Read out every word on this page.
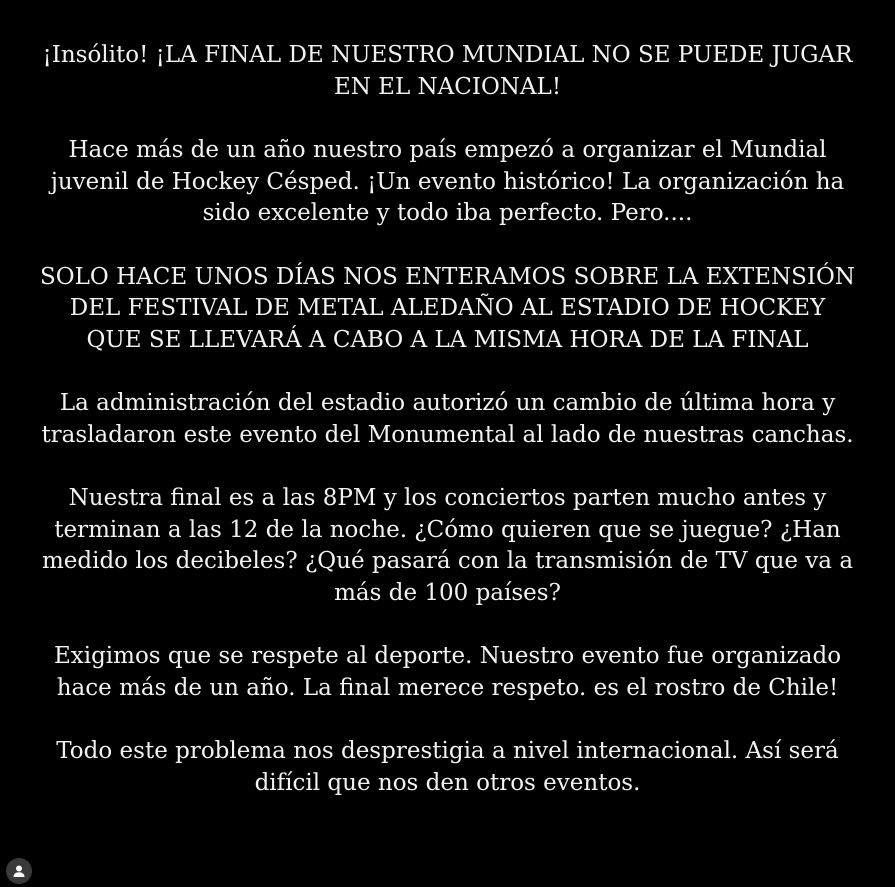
¡Insólito! ¡LA FINAL DE NUESTRO MUNDIAL NO SE PUEDE JUGAR EN EL NACIONAL!

Hace más de un año nuestro país empezó a organizar el Mundial juvenil de Hockey Césped. ¡Un evento histórico! La organización ha sido excelente y todo iba perfecto. Pero....

SOLO HACE UNOS DÍAS NOS ENTERAMOS SOBRE LA EXTENSIÓN DEL FESTIVAL DE METAL ALEDAÑO AL ESTADIO DE HOCKEY QUE SE LLEVARÁ A CABO A LA MISMA HORA DE LA FINAL

La administración del estadio autorizó un cambio de última hora y trasladaron este evento del Monumental al lado de nuestras canchas.

Nuestra final es a las 8PM y los conciertos parten mucho antes y terminan a las 12 de la noche. ¿Cómo quieren que se juegue? ¿Han medido los decibeles? ¿Qué pasará con la transmisión de TV que va a más de 100 países?

Exigimos que se respete al deporte. Nuestro evento fue organizado hace más de un año. La final merece respeto. es el rostro de Chile!

Todo este problema nos desprestigia a nivel internacional. Así será difícil que nos den otros eventos.
